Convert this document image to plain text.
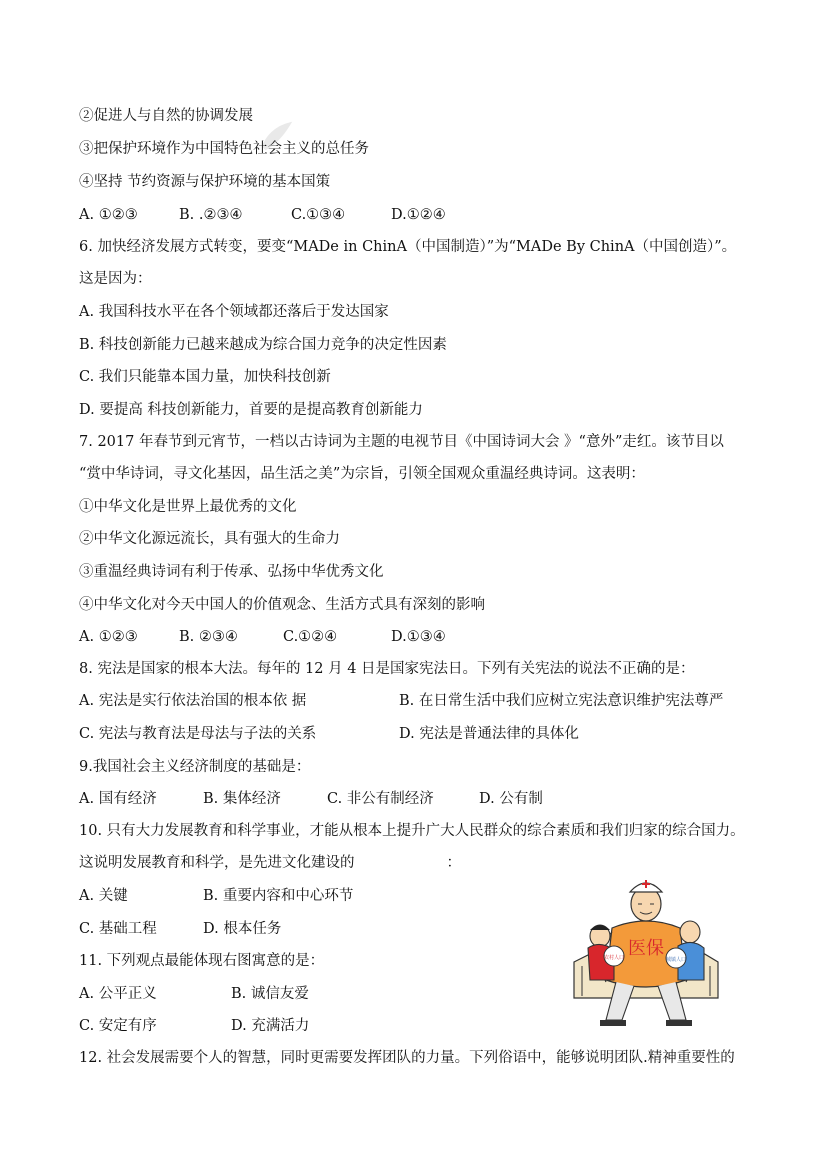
②促进人与自然的协调发展
③把保护环境作为中国特色社会主义的总任务
④坚持 节约资源与保护环境的基本国策
A. ①②③	B. .②③④	C.①③④	D.①②④
6. 加快经济发展方式转变，要变“MADe in ChinA（中国制造）”为“MADe By ChinA（中国创造）”。
这是因为：
A. 我国科技水平在各个领域都还落后于发达国家
B. 科技创新能力已越来越成为综合国力竞争的决定性因素
C. 我们只能靠本国力量，加快科技创新
D. 要提高 科技创新能力，首要的是提高教育创新能力
7. 2017 年春节到元宵节，一档以古诗词为主题的电视节目《中国诗词大会 》“意外”走红。该节目以
“赏中华诗词，寻文化基因，品生活之美”为宗旨，引领全国观众重温经典诗词。这表明：
①中华文化是世界上最优秀的文化
②中华文化源远流长，具有强大的生命力
③重温经典诗词有利于传承、弘扬中华优秀文化
④中华文化对今天中国人的价值观念、生活方式具有深刻的影响
A. ①②③	B. ②③④	C.①②④	D.①③④
8. 宪法是国家的根本大法。每年的 12 月 4 日是国家宪法日。下列有关宪法的说法不正确的是：
A. 宪法是实行依法治国的根本依 据	B. 在日常生活中我们应树立宪法意识维护宪法尊严
C. 宪法与教育法是母法与子法的关系	D. 宪法是普通法律的具体化
9.我国社会主义经济制度的基础是：
A. 国有经济	B. 集体经济	C. 非公有制经济	D. 公有制
10. 只有大力发展教育和科学事业，才能从根本上提升广大人民群众的综合素质和我们归家的综合国力。
这说明发展教育和科学，是先进文化建设的	：
A. 关键	B. 重要内容和中心环节
C. 基础工程	D. 根本任务
11. 下列观点最能体现右图寓意的是：
A. 公平正义	B. 诚信友爱
C. 安定有序	D. 充满活力
12. 社会发展需要个人的智慧，同时更需要发挥团队的力量。下列俗语中，能够说明团队.精神重要性的
医保
农村人口	城镇人口
